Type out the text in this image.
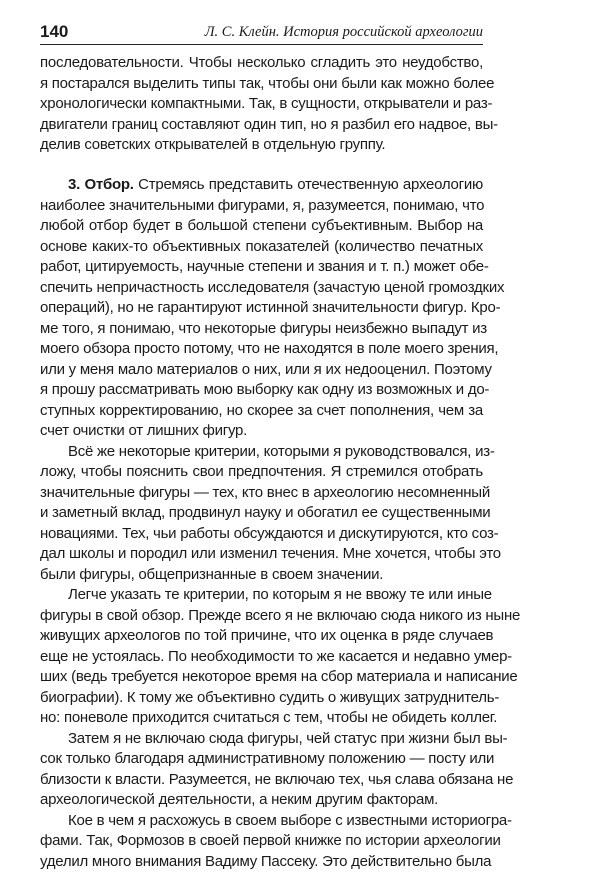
140	Л. С. Клейн. История российской археологии
последовательности. Чтобы несколько сгладить это неудобство,
я постарался выделить типы так, чтобы они были как можно более
хронологически компактными. Так, в сущности, открыватели и раз-
двигатели границ составляют один тип, но я разбил его надвое, вы-
делив советских открывателей в отдельную группу.
3. Отбор. Стремясь представить отечественную археологию
наиболее значительными фигурами, я, разумеется, понимаю, что
любой отбор будет в большой степени субъективным. Выбор на
основе каких-то объективных показателей (количество печатных
работ, цитируемость, научные степени и звания и т. п.) может обе-
спечить непричастность исследователя (зачастую ценой громоздких
операций), но не гарантируют истинной значительности фигур. Кро-
ме того, я понимаю, что некоторые фигуры неизбежно выпадут из
моего обзора просто потому, что не находятся в поле моего зрения,
или у меня мало материалов о них, или я их недооценил. Поэтому
я прошу рассматривать мою выборку как одну из возможных и до-
ступных корректированию, но скорее за счет пополнения, чем за
счет очистки от лишних фигур.
Всё же некоторые критерии, которыми я руководствовался, из-
ложу, чтобы пояснить свои предпочтения. Я стремился отобрать
значительные фигуры — тех, кто внес в археологию несомненный
и заметный вклад, продвинул науку и обогатил ее существенными
новациями. Тех, чьи работы обсуждаются и дискутируются, кто соз-
дал школы и породил или изменил течения. Мне хочется, чтобы это
были фигуры, общепризнанные в своем значении.
Легче указать те критерии, по которым я не ввожу те или иные
фигуры в свой обзор. Прежде всего я не включаю сюда никого из ныне
живущих археологов по той причине, что их оценка в ряде случаев
еще не устоялась. По необходимости то же касается и недавно умер-
ших (ведь требуется некоторое время на сбор материала и написание
биографии). К тому же объективно судить о живущих затруднитель-
но: поневоле приходится считаться с тем, чтобы не обидеть коллег.
Затем я не включаю сюда фигуры, чей статус при жизни был вы-
сок только благодаря административному положению — посту или
близости к власти. Разумеется, не включаю тех, чья слава обязана не
археологической деятельности, а неким другим факторам.
Кое в чем я расхожусь в своем выборе с известными историогра-
фами. Так, Формозов в своей первой книжке по истории археологии
уделил много внимания Вадиму Пассеку. Это действительно была
